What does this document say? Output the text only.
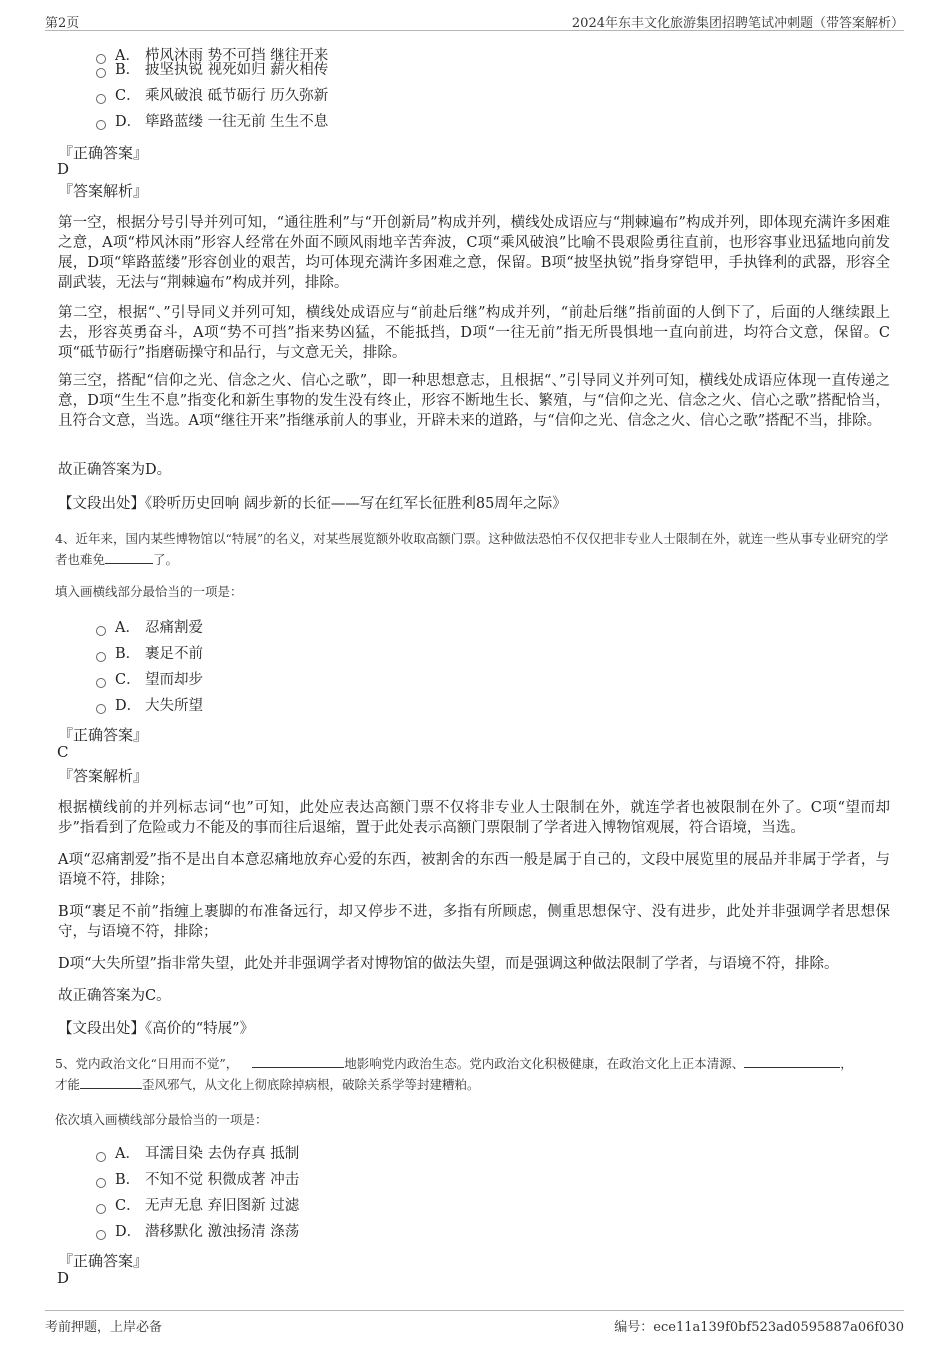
第2页	2024年东丰文化旅游集团招聘笔试冲刺题（带答案解析）
A． 栉风沐雨 势不可挡 继往开来
B． 披坚执锐 视死如归 薪火相传
C． 乘风破浪 砥节砺行 历久弥新
D． 筚路蓝缕 一往无前 生生不息
『正确答案』
D
『答案解析』
第一空，根据分号引导并列可知，“通往胜利”与“开创新局”构成并列，横线处成语应与“荆棘遍布”构成并列，即体现充满许多困难之意，A项“栉风沐雨”形容人经常在外面不顾风雨地辛苦奔波，C项“乘风破浪”比喻不畏艰险勇往直前，也形容事业迅猛地向前发展，D项“筚路蓝缕”形容创业的艰苦，均可体现充满许多困难之意，保留。B项“披坚执锐”指身穿铠甲，手执锋利的武器，形容全副武装，无法与“荆棘遍布”构成并列，排除。
第二空，根据“、”引导同义并列可知，横线处成语应与“前赴后继”构成并列，“前赴后继”指前面的人倒下了，后面的人继续跟上去，形容英勇奋斗，A项“势不可挡”指来势凶猛，不能抵挡，D项“一往无前”指无所畏惧地一直向前进，均符合文意，保留。C项“砥节砺行”指磨砺操守和品行，与文意无关，排除。
第三空，搭配“信仰之光、信念之火、信心之歌”，即一种思想意志，且根据“、”引导同义并列可知，横线处成语应体现一直传递之意，D项“生生不息”指变化和新生事物的发生没有终止，形容不断地生长、繁殖，与“信仰之光、信念之火、信心之歌”搭配恰当，且符合文意，当选。A项“继往开来”指继承前人的事业，开辟未来的道路，与“信仰之光、信念之火、信心之歌”搭配不当，排除。
故正确答案为D。
【文段出处】《聆听历史回响 阔步新的长征——写在红军长征胜利85周年之际》
4、近年来，国内某些博物馆以“特展”的名义，对某些展览额外收取高额门票。这种做法恐怕不仅仅把非专业人士限制在外，就连一些从事专业研究的学者也难免	了。
填入画横线部分最恰当的一项是：
A． 忍痛割爱
B． 裹足不前
C． 望而却步
D． 大失所望
『正确答案』
C
『答案解析』
根据横线前的并列标志词“也”可知，此处应表达高额门票不仅将非专业人士限制在外，就连学者也被限制在外了。C项“望而却步”指看到了危险或力不能及的事而往后退缩，置于此处表示高额门票限制了学者进入博物馆观展，符合语境，当选。
A项“忍痛割爱”指不是出自本意忍痛地放弃心爱的东西，被割舍的东西一般是属于自己的，文段中展览里的展品并非属于学者，与语境不符，排除；
B项“裹足不前”指缠上裹脚的布准备远行，却又停步不进，多指有所顾虑，侧重思想保守、没有进步，此处并非强调学者思想保守，与语境不符，排除；
D项“大失所望”指非常失望，此处并非强调学者对博物馆的做法失望，而是强调这种做法限制了学者，与语境不符，排除。
故正确答案为C。
【文段出处】《高价的“特展”》
5、党内政治文化“日用而不觉”，	地影响党内政治生态。党内政治文化积极健康，在政治文化上正本清源、	，
才能	歪风邪气，从文化上彻底除掉病根，破除关系学等封建糟粕。
依次填入画横线部分最恰当的一项是：
A． 耳濡目染 去伪存真 抵制
B． 不知不觉 积微成著 冲击
C． 无声无息 弃旧图新 过滤
D． 潜移默化 激浊扬清 涤荡
『正确答案』
D
考前押题，上岸必备	编号：ece11a139f0bf523ad0595887a06f030
